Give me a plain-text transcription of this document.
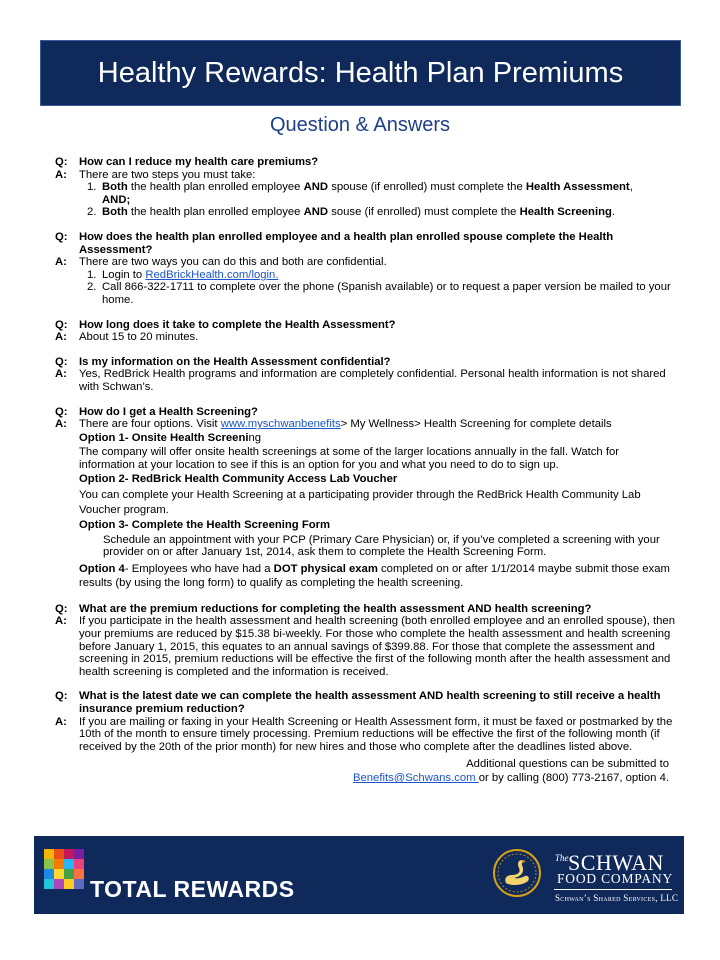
Healthy Rewards: Health Plan Premiums
Question & Answers
Q: How can I reduce my health care premiums?
A: There are two steps you must take:
1. Both the health plan enrolled employee AND spouse (if enrolled) must complete the Health Assessment,
AND;
2. Both the health plan enrolled employee AND souse (if enrolled) must complete the Health Screening.
Q: How does the health plan enrolled employee and a health plan enrolled spouse complete the Health Assessment?
A: There are two ways you can do this and both are confidential.
1. Login to RedBrickHealth.com/login.
2. Call 866-322-1711 to complete over the phone (Spanish available) or to request a paper version be mailed to your home.
Q: How long does it take to complete the Health Assessment?
A: About 15 to 20 minutes.
Q: Is my information on the Health Assessment confidential?
A: Yes, RedBrick Health programs and information are completely confidential. Personal health information is not shared with Schwan’s.
Q: How do I get a Health Screening?
A: There are four options. Visit www.myschwanbenefits> My Wellness> Health Screening for complete details
Option 1- Onsite Health Screening
The company will offer onsite health screenings at some of the larger locations annually in the fall. Watch for information at your location to see if this is an option for you and what you need to do to sign up.
Option 2- RedBrick Health Community Access Lab Voucher
You can complete your Health Screening at a participating provider through the RedBrick Health Community Lab Voucher program.
Option 3- Complete the Health Screening Form
Schedule an appointment with your PCP (Primary Care Physician) or, if you’ve completed a screening with your provider on or after January 1st, 2014, ask them to complete the Health Screening Form.
Option 4- Employees who have had a DOT physical exam completed on or after 1/1/2014 maybe submit those exam results (by using the long form) to qualify as completing the health screening.
Q: What are the premium reductions for completing the health assessment AND health screening?
A: If you participate in the health assessment and health screening (both enrolled employee and an enrolled spouse), then your premiums are reduced by $15.38 bi-weekly. For those who complete the health assessment and health screening before January 1, 2015, this equates to an annual savings of $399.88. For those that complete the assessment and screening in 2015, premium reductions will be effective the first of the following month after the health assessment and health screening is completed and the information is received.
Q: What is the latest date we can complete the health assessment AND health screening to still receive a health insurance premium reduction?
A: If you are mailing or faxing in your Health Screening or Health Assessment form, it must be faxed or postmarked by the 10th of the month to ensure timely processing. Premium reductions will be effective the first of the following month (if received by the 20th of the prior month) for new hires and those who complete after the deadlines listed above.
Additional questions can be submitted to
Benefits@Schwans.com or by calling (800) 773-2167, option 4.
TOTAL REWARDS
The SCHWAN
FOOD COMPANY
Schwan’s Shared Services, LLC
